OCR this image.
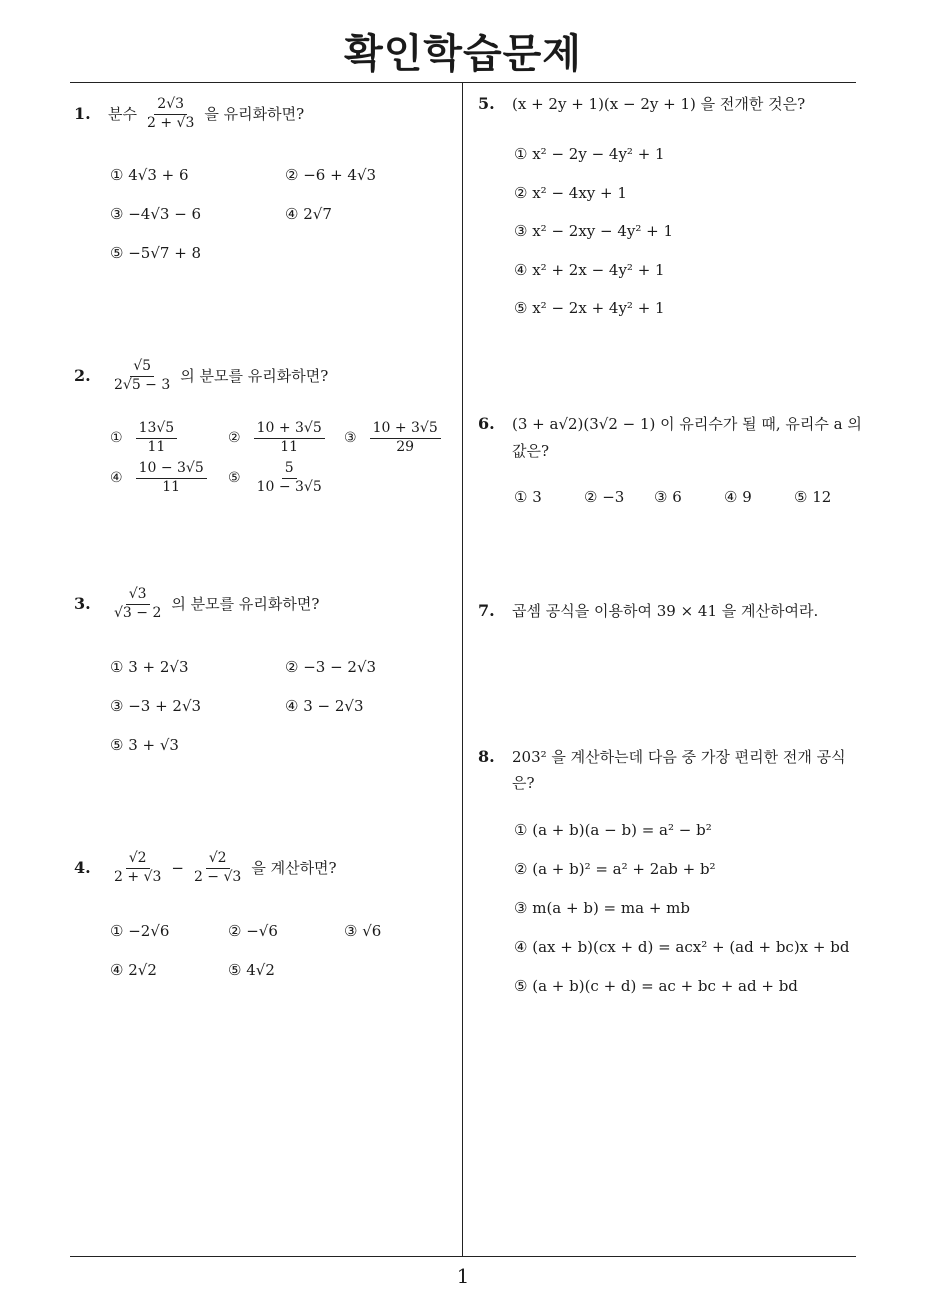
확인학습문제
1
1.	분수 $\frac{2√3}{2 + √3}$ 을 유리화하면?
① 4√3 + 6	② −6 + 4√3
③ −4√3 − 6	④ 2√7
⑤ −5√7 + 8
2.	$\frac{√5}{2√5 - 3}$ 의 분모를 유리화하면?
① $\frac{13√5}{11}$	② $\frac{10 + 3√5}{11}$ ③ $\frac{10 + 3√5}{29}$
④ $\frac{10 - 3√5}{11}$ ⑤ $\frac{5}{10 - 3√5}$
3.	$\frac{√3}{√3 - 2}$ 의 분모를 유리화하면?
① 3 + 2√3	② −3 − 2√3
③ −3 + 2√3	④ 3 − 2√3
⑤ 3 + √3
4.	$\frac{√2}{2 + √3} - \frac{√2}{2 - √3}$ 을 계산하면?
① −2√6	② −√6	③ √6
④ 2√2	⑤ 4√2
5.	(x + 2y + 1)(x − 2y + 1) 을 전개한 것은?
① x² − 2y − 4y² + 1
② x² − 4xy + 1
③ x² − 2xy − 4y² + 1
④ x² + 2x − 4y² + 1
⑤ x² − 2x + 4y² + 1
6.	(3 + a√2)(3√2 − 1) 이 유리수가 될 때, 유리수 a 의
값은?
① 3	② −3 ③ 6	④ 9	⑤ 12
7.	곱셈 공식을 이용하여 39 × 41 을 계산하여라.
8.	203² 을 계산하는데 다음 중 가장 편리한 전개 공식
은?
① (a + b)(a − b) = a² − b²
② (a + b)² = a² + 2ab + b²
③ m(a + b) = ma + mb
④ (ax + b)(cx + d) = acx² + (ad + bc)x + bd
⑤ (a + b)(c + d) = ac + bc + ad + bd
